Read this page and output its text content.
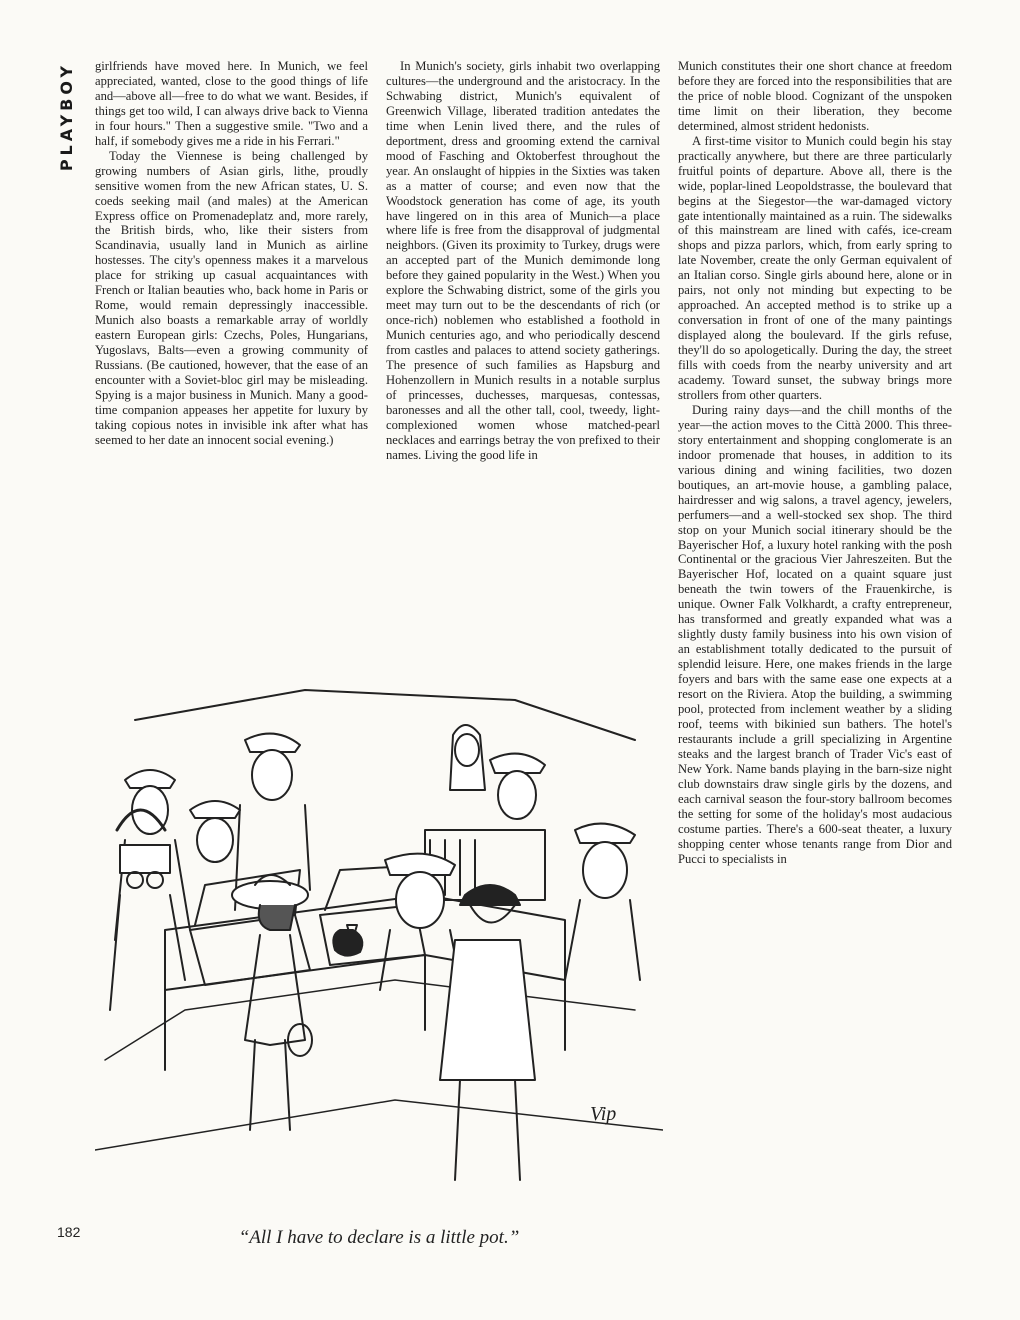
PLAYBOY girlfriends have moved here. In Munich, we feel appreciated, wanted, close to the good things of life and—above all—free to do what we want. Besides, if things get too wild, I can always drive back to Vienna in four hours." Then a suggestive smile. "Two and a half, if somebody gives me a ride in his Ferrari."

Today the Viennese is being challenged by growing numbers of Asian girls, lithe, proudly sensitive women from the new African states, U. S. coeds seeking mail (and males) at the American Express office on Promenadeplatz and, more rarely, the British birds, who, like their sisters from Scandinavia, usually land in Munich as airline hostesses. The city's openness makes it a marvelous place for striking up casual acquaintances with French or Italian beauties who, back home in Paris or Rome, would remain depressingly inaccessible. Munich also boasts a remarkable array of worldly eastern European girls: Czechs, Poles, Hungarians, Yugoslavs, Balts—even a growing community of Russians. (Be cautioned, however, that the ease of an encounter with a Soviet-bloc girl may be misleading. Spying is a major business in Munich. Many a good-time companion appeases her appetite for luxury by taking copious notes in invisible ink after what has seemed to her date an innocent social evening.)

In Munich's society, girls inhabit two overlapping cultures—the underground and the aristocracy. In the Schwabing district, Munich's equivalent of Greenwich Village, liberated tradition antedates the time when Lenin lived there, and the rules of deportment, dress and grooming extend the carnival mood of Fasching and Oktoberfest throughout the year. An onslaught of hippies in the Sixties was taken as a matter of course; and even now that the Woodstock generation has come of age, its youth have lingered on in this area of Munich—a place where life is free from the disapproval of judgmental neighbors. (Given its proximity to Turkey, drugs were an accepted part of the Munich demimonde long before they gained popularity in the West.) When you explore the Schwabing district, some of the girls you meet may turn out to be the descendants of rich (or once-rich) noblemen who established a foothold in Munich centuries ago, and who periodically descend from castles and palaces to attend society gatherings. The presence of such families as Hapsburg and Hohenzollern in Munich results in a notable surplus of princesses, duchesses, marquesas, contessas, baronesses and all the other tall, cool, tweedy, light-complexioned women whose matched-pearl necklaces and earrings betray the von prefixed to their names. Living the good life in

Munich constitutes their one short chance at freedom before they are forced into the responsibilities that are the price of noble blood. Cognizant of the unspoken time limit on their liberation, they become determined, almost strident hedonists.

A first-time visitor to Munich could begin his stay practically anywhere, but there are three particularly fruitful points of departure. Above all, there is the wide, poplar-lined Leopoldstrasse, the boulevard that begins at the Siegestor—the war-damaged victory gate intentionally maintained as a ruin. The sidewalks of this mainstream are lined with cafés, ice-cream shops and pizza parlors, which, from early spring to late November, create the only German equivalent of an Italian corso. Single girls abound here, alone or in pairs, not only not minding but expecting to be approached. An accepted method is to strike up a conversation in front of one of the many paintings displayed along the boulevard. If the girls refuse, they'll do so apologetically. During the day, the street fills with coeds from the nearby university and art academy. Toward sunset, the subway brings more strollers from other quarters.

During rainy days—and the chill months of the year—the action moves to the Città 2000. This three-story entertainment and shopping conglomerate is an indoor promenade that houses, in addition to its various dining and wining facilities, two dozen boutiques, an art-movie house, a gambling palace, hairdresser and wig salons, a travel agency, jewelers, perfumers—and a well-stocked sex shop. The third stop on your Munich social itinerary should be the Bayerischer Hof, a luxury hotel ranking with the posh Continental or the gracious Vier Jahreszeiten. But the Bayerischer Hof, located on a quaint square just beneath the twin towers of the Frauenkirche, is unique. Owner Falk Volkhardt, a crafty entrepreneur, has transformed and greatly expanded what was a slightly dusty family business into his own vision of an establishment totally dedicated to the pursuit of splendid leisure. Here, one makes friends in the large foyers and bars with the same ease one expects at a resort on the Riviera. Atop the building, a swimming pool, protected from inclement weather by a sliding roof, teems with bikinied sun bathers. The hotel's restaurants include a grill specializing in Argentine steaks and the largest branch of Trader Vic's east of New York. Name bands playing in the barn-size night club downstairs draw single girls by the dozens, and each carnival season the four-story ballroom becomes the setting for some of the holiday's most audacious costume parties. There's a 600-seat theater, a luxury shopping center whose tenants range from Dior and Pucci to specialists in

Vip
“All I have to declare is a little pot.”
182
